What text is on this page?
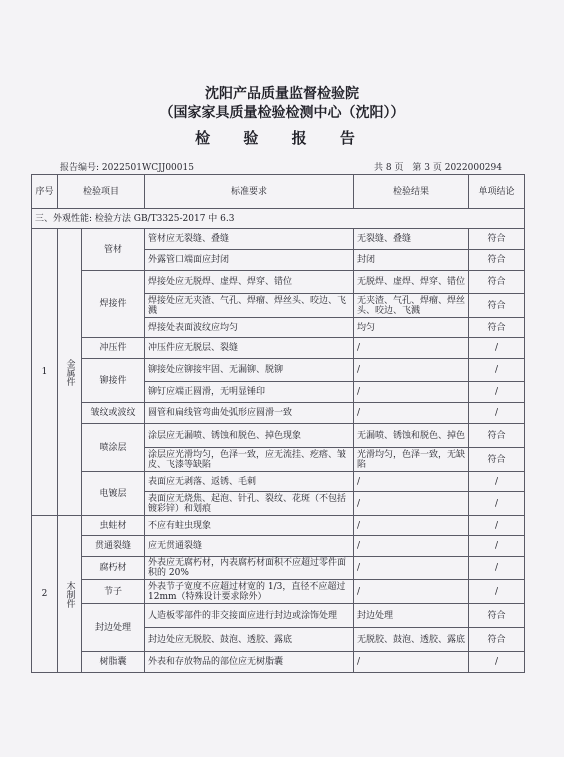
沈阳产品质量监督检验院
（国家家具质量检验检测中心（沈阳））
检 验 报 告
报告编号: 2022501WCJJ00015	共 8 页　第 3 页 2022000294
序号	检验项目		标准要求	检验结果	单项结论
三、外观性能: 检验方法 GB/T3325-2017 中 6.3					
1	金属件	管材	管材应无裂缝、叠缝	无裂缝、叠缝	符合
			外露管口端面应封闭	封闭	符合
		焊接件	焊接处应无脱焊、虚焊、焊穿、错位	无脱焊、虚焊、焊穿、错位	符合
			焊接处应无夹渣、气孔、焊瘤、焊丝头、咬边、飞溅	无夹渣、气孔、焊瘤、焊丝头、咬边、飞溅	符合
			焊接处表面波纹应均匀	均匀	符合
		冲压件	冲压件应无脱层、裂缝	/	/
		铆接件	铆接处应铆接牢固、无漏铆、脱铆	/	/
			铆钉应端正圆滑，无明显锤印	/	/
		皱纹或波纹	圆管和扁线管弯曲处弧形应圆滑一致	/	/
		喷涂层	涂层应无漏喷、锈蚀和脱色、掉色现象	无漏喷、锈蚀和脱色、掉色	符合
			涂层应光滑均匀，色泽一致，应无流挂、疙瘩、皱皮、飞漆等缺陷	光滑均匀，色泽一致，无缺陷	符合
		电镀层	表面应无剥落、返锈、毛刺	/	/
			表面应无烧焦、起泡、针孔、裂纹、花斑（不包括镀彩锌）和划痕	/	/
2	木制件	虫蛀材	不应有蛀虫现象	/	/
		贯通裂缝	应无贯通裂缝	/	/
		腐朽材	外表应无腐朽材，内表腐朽材面积不应超过零件面积的 20%	/	/
		节子	外表节子宽度不应超过材宽的 1/3，直径不应超过 12mm（特殊设计要求除外）	/	/
		封边处理	人造板零部件的非交接面应进行封边或涂饰处理	封边处理	符合
			封边处应无脱胶、鼓泡、透胶、露底	无脱胶、鼓泡、透胶、露底	符合
		树脂囊	外表和存放物品的部位应无树脂囊	/	/
